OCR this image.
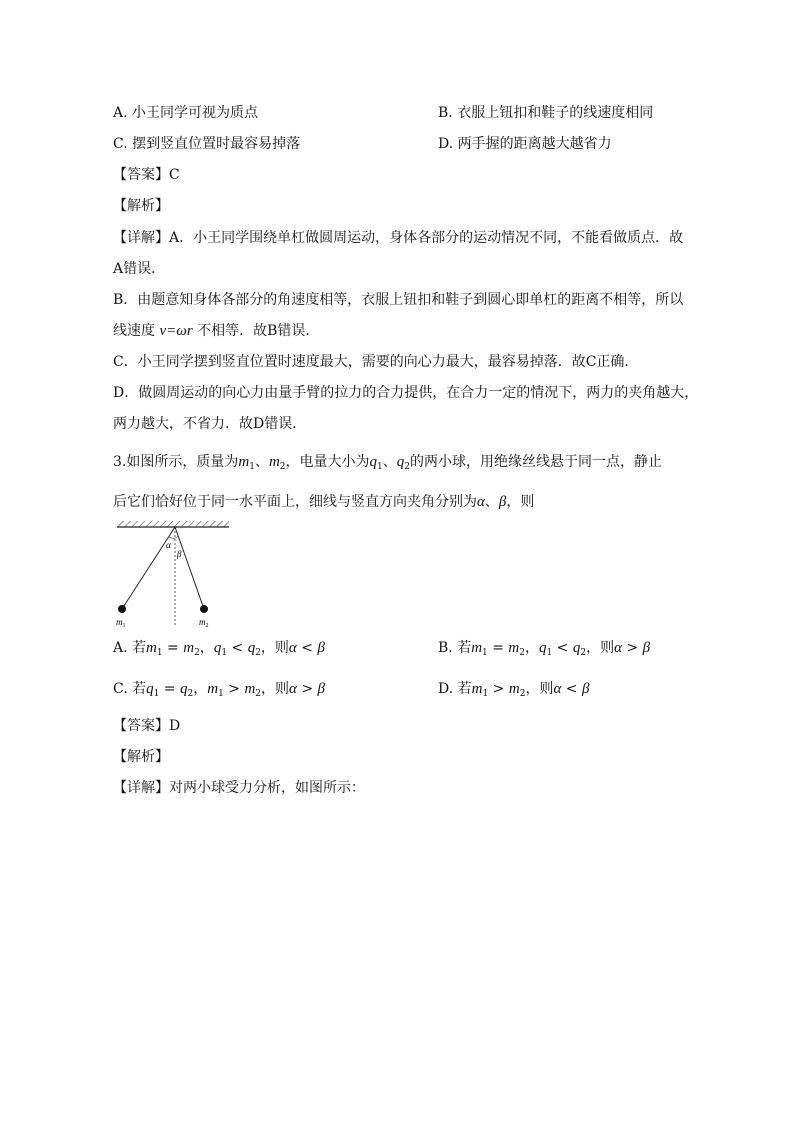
A. 小王同学可视为质点	B. 衣服上钮扣和鞋子的线速度相同
C. 摆到竖直位置时最容易掉落	D. 两手握的距离越大越省力
【答案】C
【解析】
【详解】A．小王同学围绕单杠做圆周运动，身体各部分的运动情况不同，不能看做质点．故
A错误．
B．由题意知身体各部分的角速度相等，衣服上钮扣和鞋子到圆心即单杠的距离不相等，所以
线速度 v=ωr 不相等．故B错误．
C．小王同学摆到竖直位置时速度最大，需要的向心力最大，最容易掉落．故C正确．
D．做圆周运动的向心力由量手臂的拉力的合力提供，在合力一定的情况下，两力的夹角越大，
两力越大，不省力．故D错误．
3.如图所示，质量为$m_1$、$m_2$，电量大小为$q_1$、$q_2$的两小球，用绝缘丝线悬于同一点，静止
后它们恰好位于同一水平面上，细线与竖直方向夹角分别为α、β，则
α
β
$m_1$	$m_2$
A. 若$m_1 = m_2$，$q_1 < q_2$，则α < β	B. 若$m_1 = m_2$，$q_1 < q_2$，则α > β
C. 若$q_1 = q_2$，$m_1 > m_2$，则α > β	D. 若$m_1 > m_2$，则α < β
【答案】D
【解析】
【详解】对两小球受力分析，如图所示：
